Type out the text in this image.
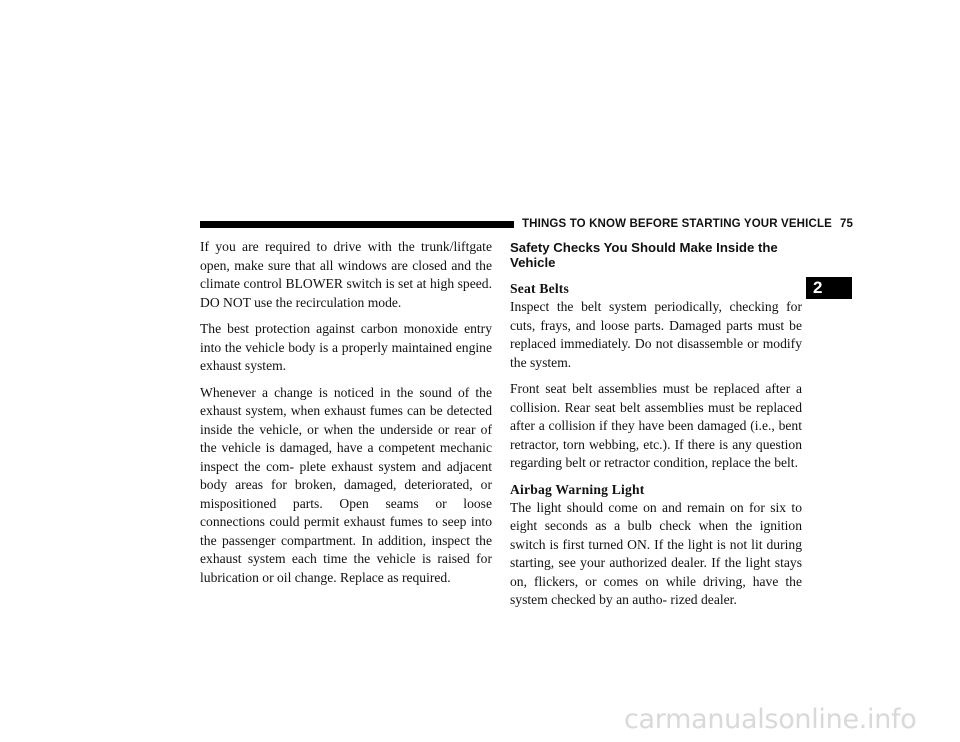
THINGS TO KNOW BEFORE STARTING YOUR VEHICLE 75

If you are required to drive with the trunk/liftgate open, make sure that all windows are closed and the climate control BLOWER switch is set at high speed. DO NOT use the recirculation mode.

The best protection against carbon monoxide entry into the vehicle body is a properly maintained engine exhaust system.

Whenever a change is noticed in the sound of the exhaust system, when exhaust fumes can be detected inside the vehicle, or when the underside or rear of the vehicle is damaged, have a competent mechanic inspect the com- plete exhaust system and adjacent body areas for broken, damaged, deteriorated, or mispositioned parts. Open seams or loose connections could permit exhaust fumes to seep into the passenger compartment. In addition, inspect the exhaust system each time the vehicle is raised for lubrication or oil change. Replace as required.

Safety Checks You Should Make Inside the Vehicle
Seat Belts

Inspect the belt system periodically, checking for cuts, frays, and loose parts. Damaged parts must be replaced immediately. Do not disassemble or modify the system.

Front seat belt assemblies must be replaced after a collision. Rear seat belt assemblies must be replaced after a collision if they have been damaged (i.e., bent retractor, torn webbing, etc.). If there is any question regarding belt or retractor condition, replace the belt.

Airbag Warning Light

The light should come on and remain on for six to eight seconds as a bulb check when the ignition switch is first turned ON. If the light is not lit during starting, see your authorized dealer. If the light stays on, flickers, or comes on while driving, have the system checked by an autho- rized dealer.

2
carmanualsonline.info
